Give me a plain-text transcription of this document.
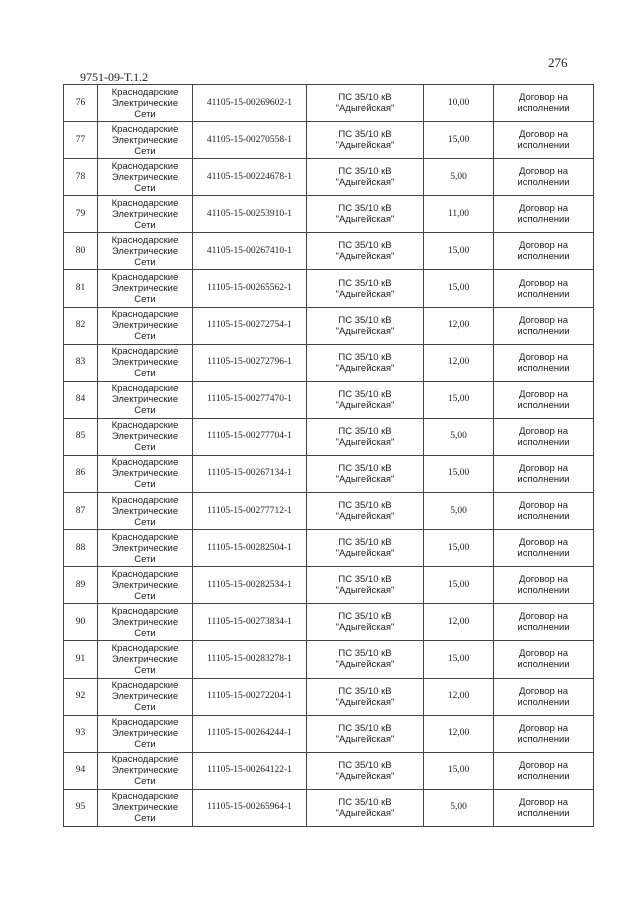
276
9751-09-Т.1.2
76	Краснодарские
Электрические
Сети	41105-15-00269602-1	ПС 35/10 кВ
"Адыгейская"	10,00	Договор на
исполнении

77	Краснодарские
Электрические
Сети	41105-15-00270558-1	ПС 35/10 кВ
"Адыгейская"	15,00	Договор на
исполнении

78	Краснодарские
Электрические
Сети	41105-15-00224678-1	ПС 35/10 кВ
"Адыгейская"	5,00	Договор на
исполнении

79	Краснодарские
Электрические
Сети	41105-15-00253910-1	ПС 35/10 кВ
"Адыгейская"	11,00	Договор на
исполнении

80	Краснодарские
Электрические
Сети	41105-15-00267410-1	ПС 35/10 кВ
"Адыгейская"	15,00	Договор на
исполнении

81	Краснодарские
Электрические
Сети	11105-15-00265562-1	ПС 35/10 кВ
"Адыгейская"	15,00	Договор на
исполнении

82	Краснодарские
Электрические
Сети	11105-15-00272754-1	ПС 35/10 кВ
"Адыгейская"	12,00	Договор на
исполнении

83	Краснодарские
Электрические
Сети	11105-15-00272796-1	ПС 35/10 кВ
"Адыгейская"	12,00	Договор на
исполнении

84	Краснодарские
Электрические
Сети	11105-15-00277470-1	ПС 35/10 кВ
"Адыгейская"	15,00	Договор на
исполнении

85	Краснодарские
Электрические
Сети	11105-15-00277704-1	ПС 35/10 кВ
"Адыгейская"	5,00	Договор на
исполнении

86	Краснодарские
Электрические
Сети	11105-15-00267134-1	ПС 35/10 кВ
"Адыгейская"	15,00	Договор на
исполнении

87	Краснодарские
Электрические
Сети	11105-15-00277712-1	ПС 35/10 кВ
"Адыгейская"	5,00	Договор на
исполнении

88	Краснодарские
Электрические
Сети	11105-15-00282504-1	ПС 35/10 кВ
"Адыгейская"	15,00	Договор на
исполнении

89	Краснодарские
Электрические
Сети	11105-15-00282534-1	ПС 35/10 кВ
"Адыгейская"	15,00	Договор на
исполнении

90	Краснодарские
Электрические
Сети	11105-15-00273834-1	ПС 35/10 кВ
"Адыгейская"	12,00	Договор на
исполнении

91	Краснодарские
Электрические
Сети	11105-15-00283278-1	ПС 35/10 кВ
"Адыгейская"	15,00	Договор на
исполнении

92	Краснодарские
Электрические
Сети	11105-15-00272204-1	ПС 35/10 кВ
"Адыгейская"	12,00	Договор на
исполнении

93	Краснодарские
Электрические
Сети	11105-15-00264244-1	ПС 35/10 кВ
"Адыгейская"	12,00	Договор на
исполнении

94	Краснодарские
Электрические
Сети	11105-15-00264122-1	ПС 35/10 кВ
"Адыгейская"	15,00	Договор на
исполнении

95	Краснодарские
Электрические
Сети	11105-15-00265964-1	ПС 35/10 кВ
"Адыгейская"	5,00	Договор на
исполнении
